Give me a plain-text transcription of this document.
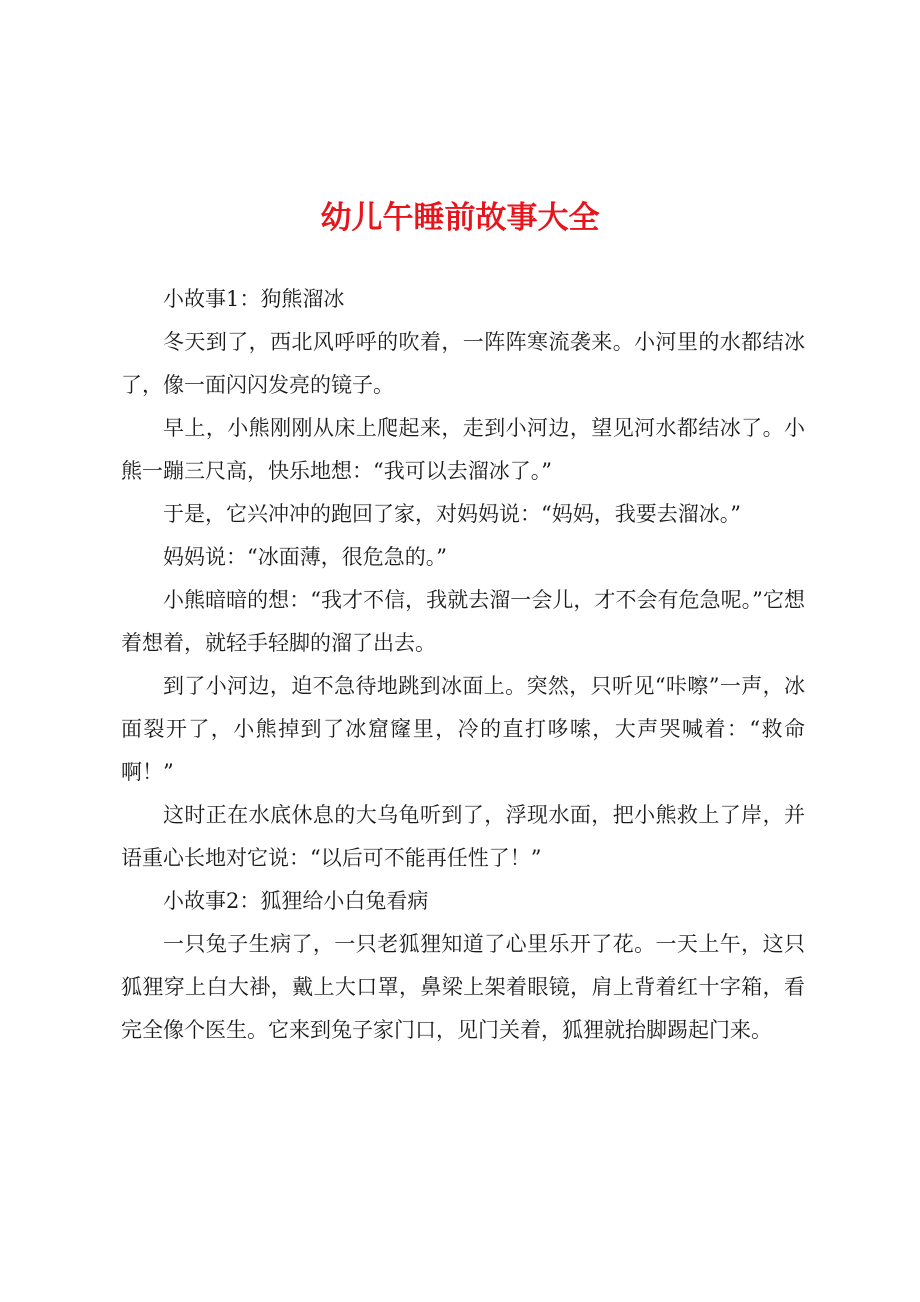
幼儿午睡前故事大全

小故事1：狗熊溜冰

冬天到了，西北风呼呼的吹着，一阵阵寒流袭来。小河里的水都结冰了，像一面闪闪发亮的镜子。

早上，小熊刚刚从床上爬起来，走到小河边，望见河水都结冰了。小熊一蹦三尺高，快乐地想：“我可以去溜冰了。”

于是，它兴冲冲的跑回了家，对妈妈说：“妈妈，我要去溜冰。”

妈妈说：“冰面薄，很危急的。”

小熊暗暗的想：“我才不信，我就去溜一会儿，才不会有危急呢。”它想着想着，就轻手轻脚的溜了出去。

到了小河边，迫不急待地跳到冰面上。突然，只听见“咔嚓”一声，冰面裂开了，小熊掉到了冰窟窿里，冷的直打哆嗦，大声哭喊着：“救命啊！”

这时正在水底休息的大乌龟听到了，浮现水面，把小熊救上了岸，并语重心长地对它说：“以后可不能再任性了！”

小故事2：狐狸给小白兔看病

一只兔子生病了，一只老狐狸知道了心里乐开了花。一天上午，这只狐狸穿上白大褂，戴上大口罩，鼻梁上架着眼镜，肩上背着红十字箱，看完全像个医生。它来到兔子家门口，见门关着，狐狸就抬脚踢起门来。
